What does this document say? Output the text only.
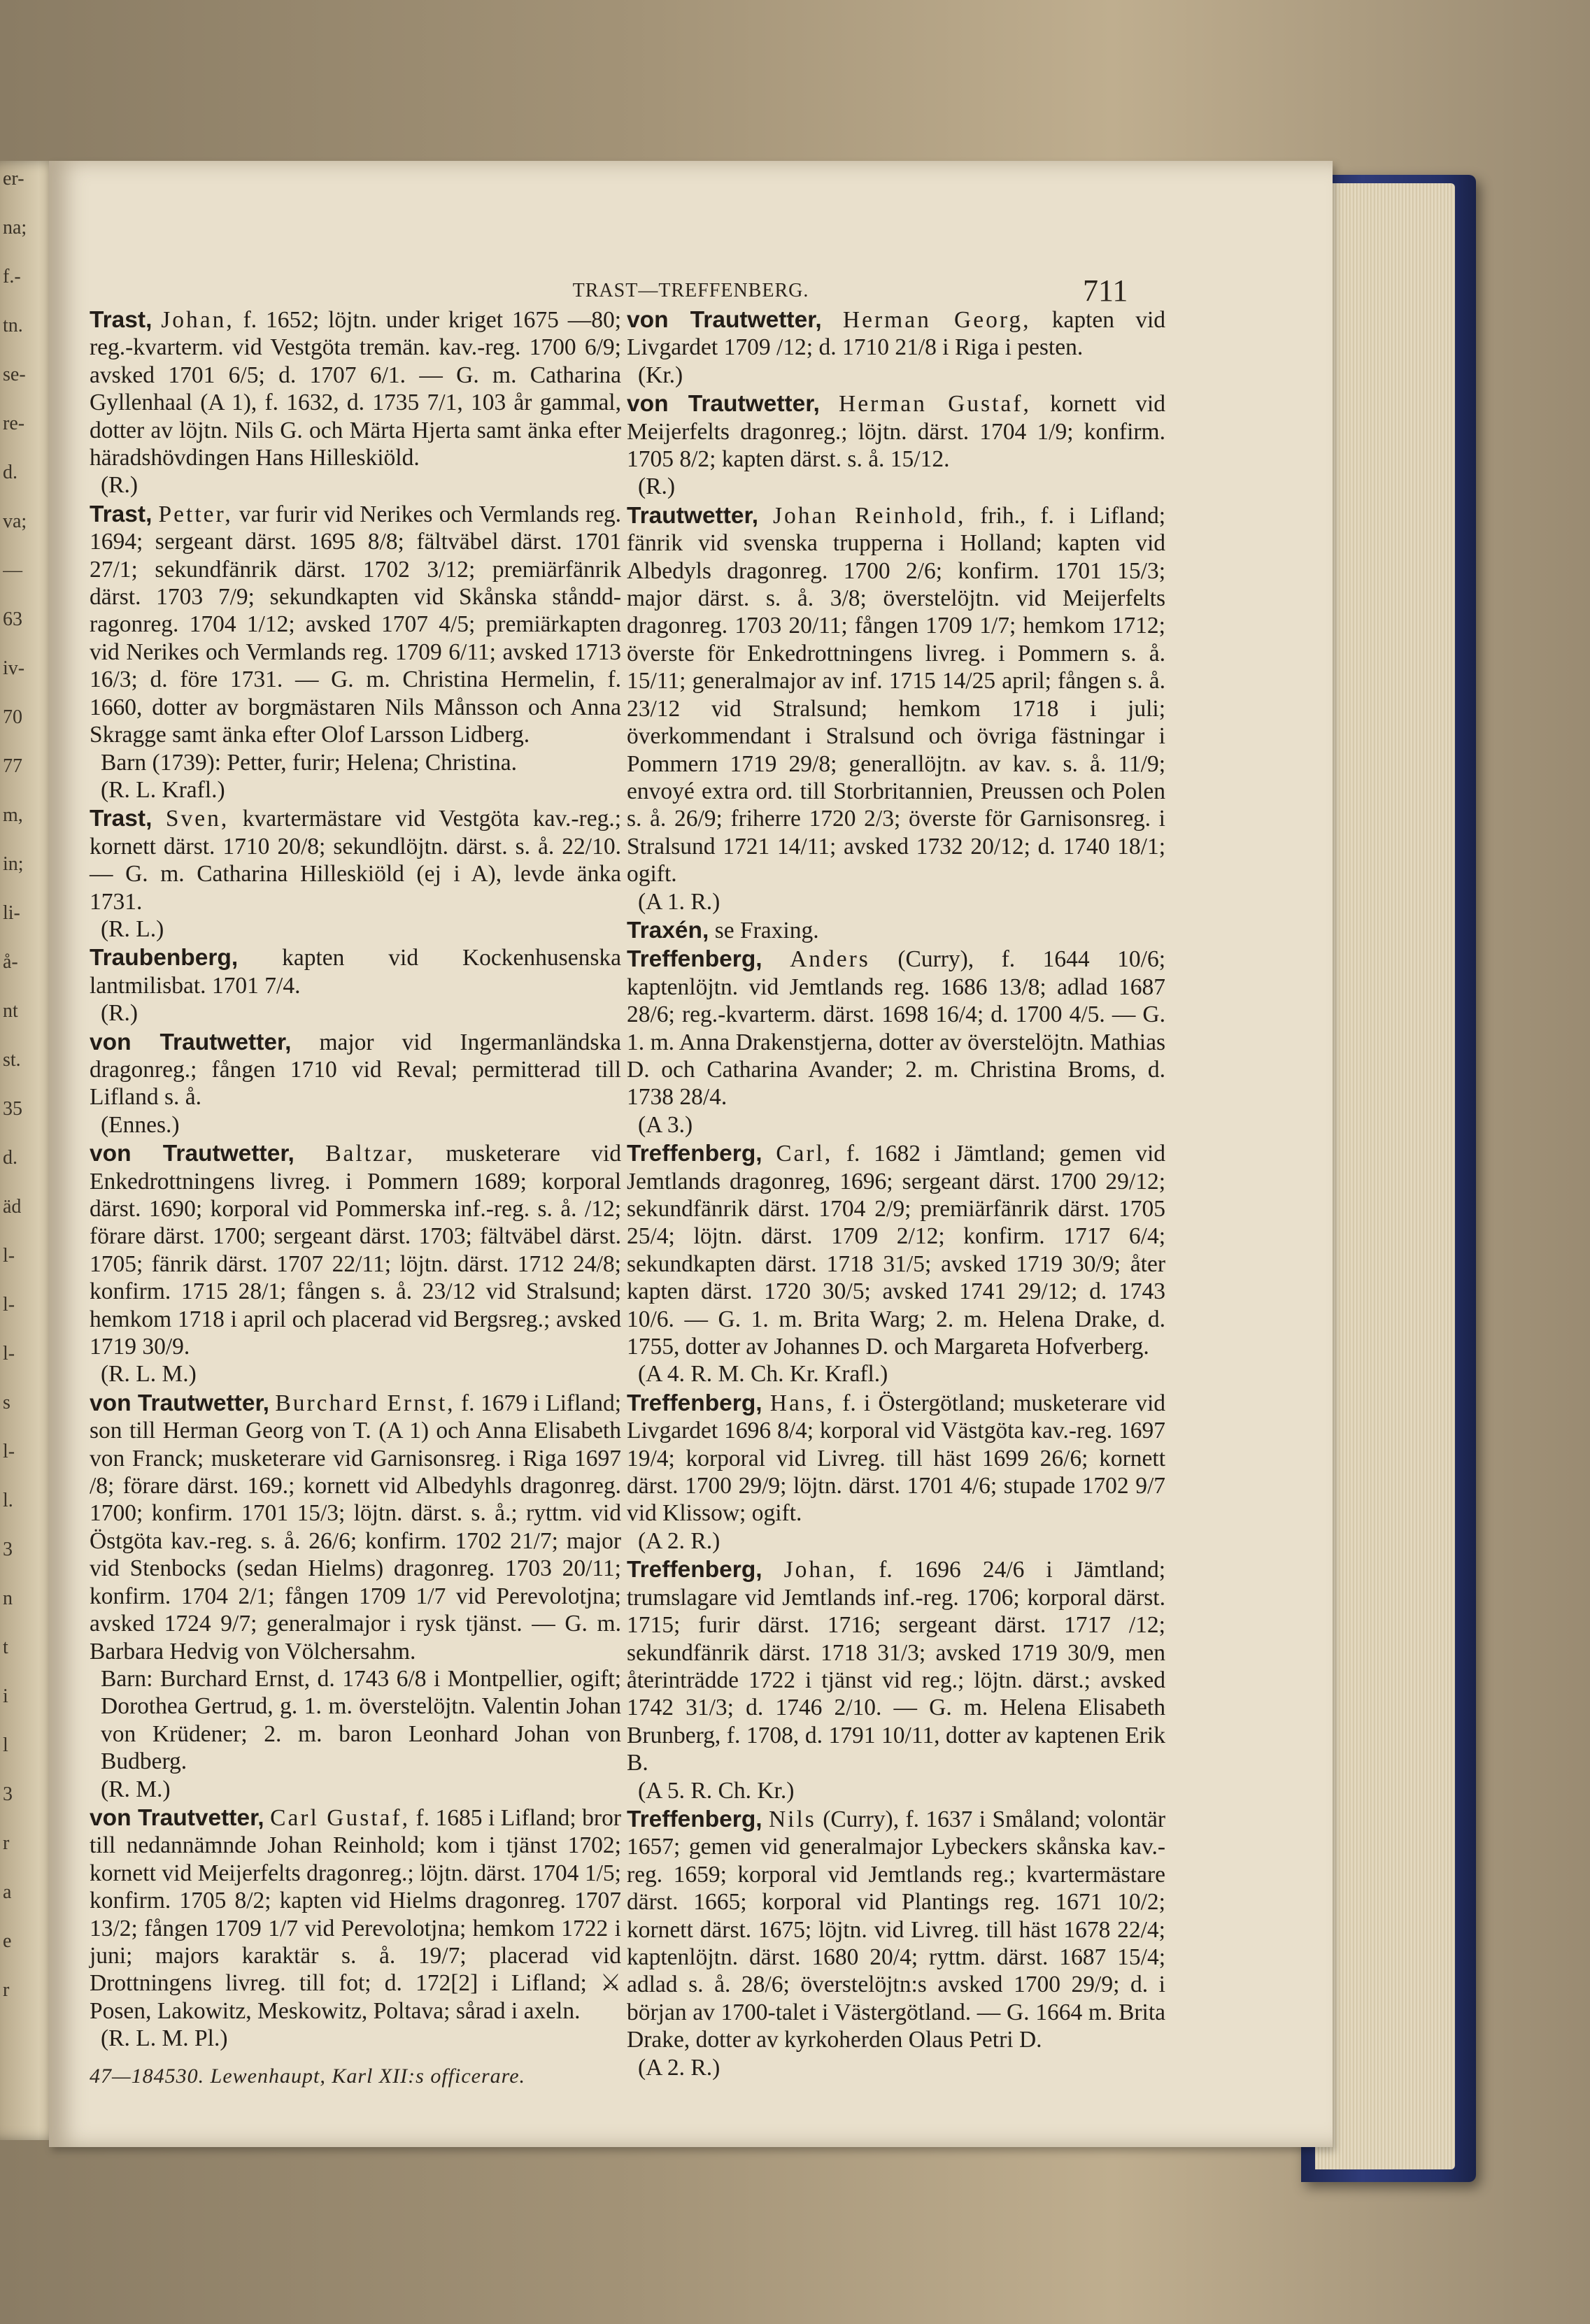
er-
na;
f.-
tn.
se-
re-
d.
va;
—
63
iv-
70
77
m,
in;
li-
å-
nt
st.
35
d.
äd
l-
l-
l-
s
l-
l.
3
n
t
i
l
3
r
a
e
r
TRAST—TREFFENBERG.	711
Trast, Johan, f. 1652; löjtn. under kriget 1675 —80; reg.-kvarterm. vid Vestgöta tremän. kav.-reg. 1700 6/9; avsked 1701 6/5; d. 1707 6/1. — G. m. Catharina Gyllenhaal (A 1), f. 1632, d. 1735 7/1, 103 år gammal, dotter av löjtn. Nils G. och Märta Hjerta samt änka efter häradshövdingen Hans Hilleskiöld.
(R.)
Trast, Petter, var furir vid Nerikes och Vermlands reg. 1694; sergeant därst. 1695 8/8; fältväbel därst. 1701 27/1; sekundfänrik därst. 1702 3/12; premiärfänrik därst. 1703 7/9; sekundkapten vid Skånska stånddragonreg. 1704 1/12; avsked 1707 4/5; premiärkapten vid Nerikes och Vermlands reg. 1709 6/11; avsked 1713 16/3; d. före 1731. — G. m. Christina Hermelin, f. 1660, dotter av borgmästaren Nils Månsson och Anna Skragge samt änka efter Olof Larsson Lidberg.
Barn (1739): Petter, furir; Helena; Christina.
(R. L. Krafl.)
Trast, Sven, kvartermästare vid Vestgöta kav.-reg.; kornett därst. 1710 20/8; sekundlöjtn. därst. s. å. 22/10. — G. m. Catharina Hilleskiöld (ej i A), levde änka 1731.
(R. L.)
Traubenberg, kapten vid Kockenhusenska lantmilisbat. 1701 7/4.
(R.)
von Trautwetter, major vid Ingermanländska dragonreg.; fången 1710 vid Reval; permitterad till Lifland s. å.
(Ennes.)
von Trautwetter, Baltzar, musketerare vid Enkedrottningens livreg. i Pommern 1689; korporal därst. 1690; korporal vid Pommerska inf.-reg. s. å. /12; förare därst. 1700; sergeant därst. 1703; fältväbel därst. 1705; fänrik därst. 1707 22/11; löjtn. därst. 1712 24/8; konfirm. 1715 28/1; fången s. å. 23/12 vid Stralsund; hemkom 1718 i april och placerad vid Bergsreg.; avsked 1719 30/9.
(R. L. M.)
von Trautwetter, Burchard Ernst, f. 1679 i Lifland; son till Herman Georg von T. (A 1) och Anna Elisabeth von Franck; musketerare vid Garnisonsreg. i Riga 1697 /8; förare därst. 169.; kornett vid Albedyhls dragonreg. 1700; konfirm. 1701 15/3; löjtn. därst. s. å.; ryttm. vid Östgöta kav.-reg. s. å. 26/6; konfirm. 1702 21/7; major vid Stenbocks (sedan Hielms) dragonreg. 1703 20/11; konfirm. 1704 2/1; fången 1709 1/7 vid Perevolotjna; avsked 1724 9/7; generalmajor i rysk tjänst. — G. m. Barbara Hedvig von Völchersahm.
Barn: Burchard Ernst, d. 1743 6/8 i Montpellier, ogift; Dorothea Gertrud, g. 1. m. överstelöjtn. Valentin Johan von Krüdener; 2. m. baron Leonhard Johan von Budberg.
(R. M.)
von Trautvetter, Carl Gustaf, f. 1685 i Lifland; bror till nedannämnde Johan Reinhold; kom i tjänst 1702; kornett vid Meijerfelts dragonreg.; löjtn. därst. 1704 1/5; konfirm. 1705 8/2; kapten vid Hielms dragonreg. 1707 13/2; fången 1709 1/7 vid Perevolotjna; hemkom 1722 i juni; majors karaktär s. å. 19/7; placerad vid Drottningens livreg. till fot; d. 172[2] i Lifland; ⚔ Posen, Lakowitz, Meskowitz, Poltava; sårad i axeln.
(R. L. M. Pl.)
von Trautwetter, Herman Georg, kapten vid Livgardet 1709 /12; d. 1710 21/8 i Riga i pesten.
(Kr.)
von Trautwetter, Herman Gustaf, kornett vid Meijerfelts dragonreg.; löjtn. därst. 1704 1/9; konfirm. 1705 8/2; kapten därst. s. å. 15/12.
(R.)
Trautwetter, Johan Reinhold, frih., f. i Lifland; fänrik vid svenska trupperna i Holland; kapten vid Albedyls dragonreg. 1700 2/6; konfirm. 1701 15/3; major därst. s. å. 3/8; överstelöjtn. vid Meijerfelts dragonreg. 1703 20/11; fången 1709 1/7; hemkom 1712; överste för Enkedrottningens livreg. i Pommern s. å. 15/11; generalmajor av inf. 1715 14/25 april; fången s. å. 23/12 vid Stralsund; hemkom 1718 i juli; överkommendant i Stralsund och övriga fästningar i Pommern 1719 29/8; generallöjtn. av kav. s. å. 11/9; envoyé extra ord. till Storbritannien, Preussen och Polen s. å. 26/9; friherre 1720 2/3; överste för Garnisonsreg. i Stralsund 1721 14/11; avsked 1732 20/12; d. 1740 18/1; ogift.
(A 1. R.)
Traxén, se Fraxing.
Treffenberg, Anders (Curry), f. 1644 10/6; kaptenlöjtn. vid Jemtlands reg. 1686 13/8; adlad 1687 28/6; reg.-kvarterm. därst. 1698 16/4; d. 1700 4/5. — G. 1. m. Anna Drakenstjerna, dotter av överstelöjtn. Mathias D. och Catharina Avander; 2. m. Christina Broms, d. 1738 28/4.
(A 3.)
Treffenberg, Carl, f. 1682 i Jämtland; gemen vid Jemtlands dragonreg, 1696; sergeant därst. 1700 29/12; sekundfänrik därst. 1704 2/9; premiärfänrik därst. 1705 25/4; löjtn. därst. 1709 2/12; konfirm. 1717 6/4; sekundkapten därst. 1718 31/5; avsked 1719 30/9; åter kapten därst. 1720 30/5; avsked 1741 29/12; d. 1743 10/6. — G. 1. m. Brita Warg; 2. m. Helena Drake, d. 1755, dotter av Johannes D. och Margareta Hofverberg.
(A 4. R. M. Ch. Kr. Krafl.)
Treffenberg, Hans, f. i Östergötland; musketerare vid Livgardet 1696 8/4; korporal vid Västgöta kav.-reg. 1697 19/4; korporal vid Livreg. till häst 1699 26/6; kornett därst. 1700 29/9; löjtn. därst. 1701 4/6; stupade 1702 9/7 vid Klissow; ogift.
(A 2. R.)
Treffenberg, Johan, f. 1696 24/6 i Jämtland; trumslagare vid Jemtlands inf.-reg. 1706; korporal därst. 1715; furir därst. 1716; sergeant därst. 1717 /12; sekundfänrik därst. 1718 31/3; avsked 1719 30/9, men återinträdde 1722 i tjänst vid reg.; löjtn. därst.; avsked 1742 31/3; d. 1746 2/10. — G. m. Helena Elisabeth Brunberg, f. 1708, d. 1791 10/11, dotter av kaptenen Erik B.
(A 5. R. Ch. Kr.)
Treffenberg, Nils (Curry), f. 1637 i Småland; volontär 1657; gemen vid generalmajor Lybeckers skånska kav.-reg. 1659; korporal vid Jemtlands reg.; kvartermästare därst. 1665; korporal vid Plantings reg. 1671 10/2; kornett därst. 1675; löjtn. vid Livreg. till häst 1678 22/4; kaptenlöjtn. därst. 1680 20/4; ryttm. därst. 1687 15/4; adlad s. å. 28/6; överstelöjtn:s avsked 1700 29/9; d. i början av 1700-talet i Västergötland. — G. 1664 m. Brita Drake, dotter av kyrkoherden Olaus Petri D.
(A 2. R.)
47—184530. Lewenhaupt, Karl XII:s officerare.
